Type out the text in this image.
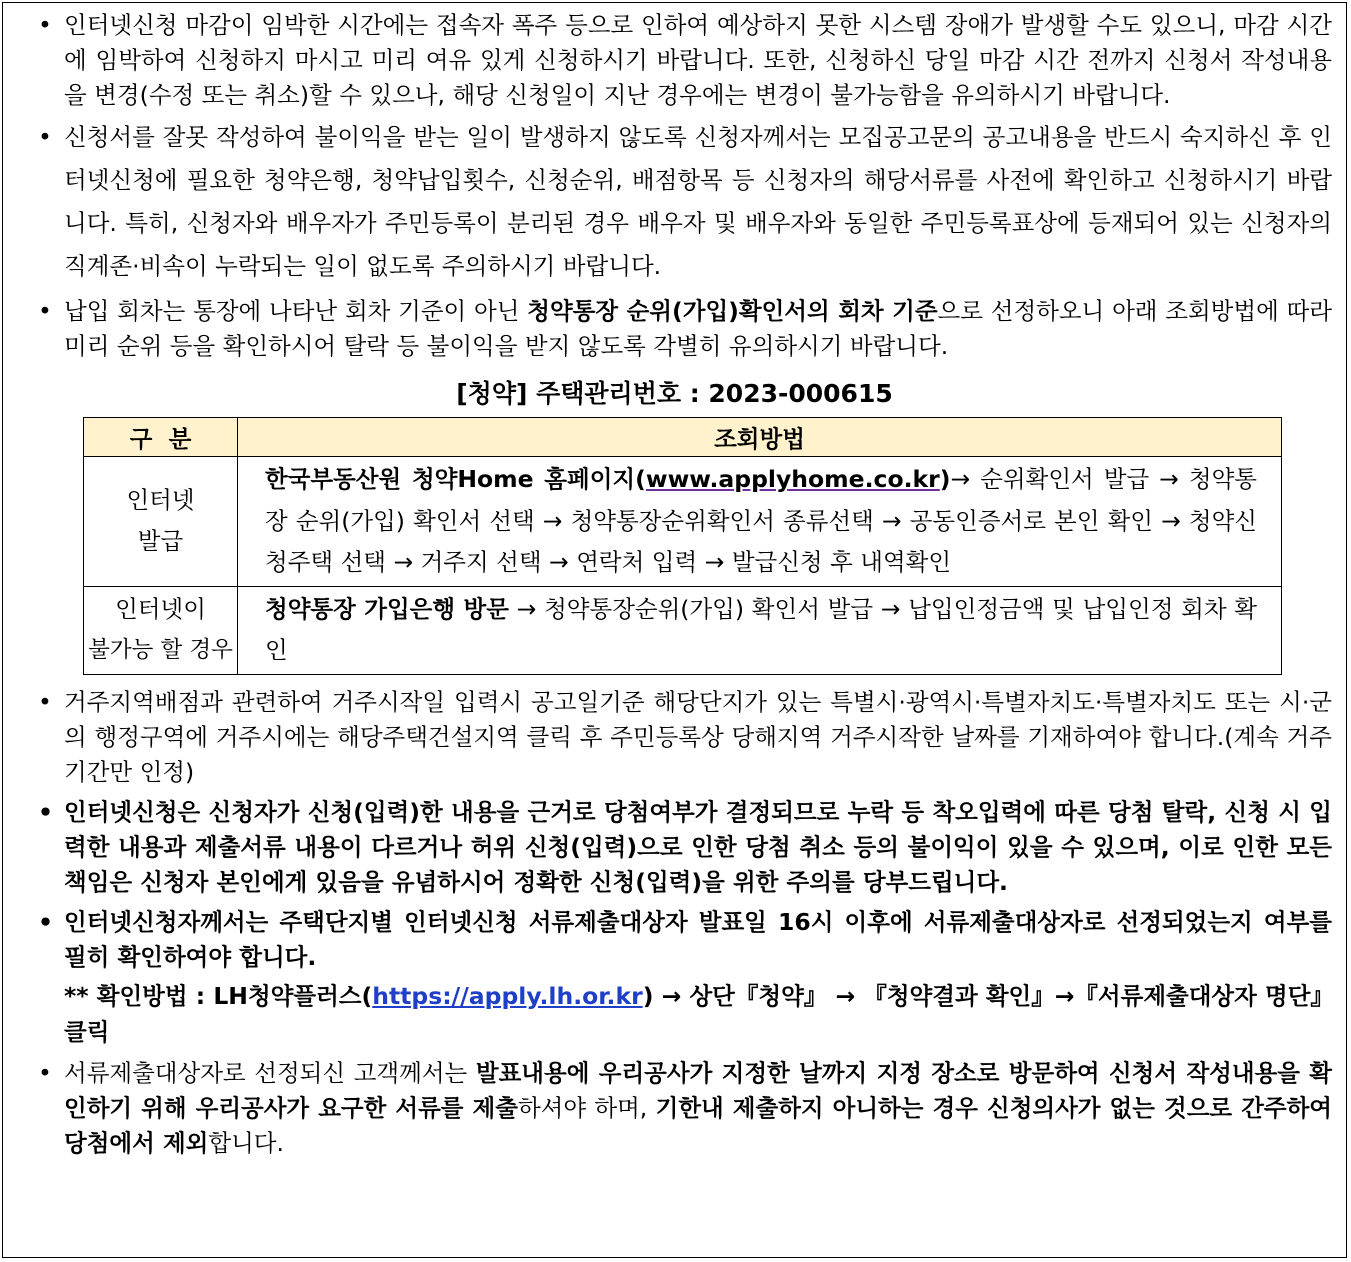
• 인터넷신청 마감이 임박한 시간에는 접속자 폭주 등으로 인하여 예상하지 못한 시스템 장애가 발생할 수도 있으니, 마감 시간에 임박하여 신청하지 마시고 미리 여유 있게 신청하시기 바랍니다. 또한, 신청하신 당일 마감 시간 전까지 신청서 작성내용을 변경(수정 또는 취소)할 수 있으나, 해당 신청일이 지난 경우에는 변경이 불가능함을 유의하시기 바랍니다.
• 신청서를 잘못 작성하여 불이익을 받는 일이 발생하지 않도록 신청자께서는 모집공고문의 공고내용을 반드시 숙지하신 후 인터넷신청에 필요한 청약은행, 청약납입횟수, 신청순위, 배점항목 등 신청자의 해당서류를 사전에 확인하고 신청하시기 바랍니다. 특히, 신청자와 배우자가 주민등록이 분리된 경우 배우자 및 배우자와 동일한 주민등록표상에 등재되어 있는 신청자의 직계존·비속이 누락되는 일이 없도록 주의하시기 바랍니다.
• 납입 회차는 통장에 나타난 회차 기준이 아닌 청약통장 순위(가입)확인서의 회차 기준으로 선정하오니 아래 조회방법에 따라 미리 순위 등을 확인하시어 탈락 등 불이익을 받지 않도록 각별히 유의하시기 바랍니다.
[청약] 주택관리번호 : 2023-000615
구  분	조회방법

인터넷
발급	한국부동산원 청약Home 홈페이지(www.applyhome.co.kr)→ 순위확인서 발급 → 청약통장 순위(가입) 확인서 선택 → 청약통장순위확인서 종류선택 → 공동인증서로 본인 확인 → 청약신청주택 선택 → 거주지 선택 → 연락처 입력 → 발급신청 후 내역확인

인터넷이
불가능 할 경우	청약통장 가입은행 방문 → 청약통장순위(가입) 확인서 발급 → 납입인정금액 및 납입인정 회차 확인
• 거주지역배점과 관련하여 거주시작일 입력시 공고일기준 해당단지가 있는 특별시·광역시·특별자치도·특별자치도 또는 시·군의 행정구역에 거주시에는 해당주택건설지역 클릭 후 주민등록상 당해지역 거주시작한 날짜를 기재하여야 합니다.(계속 거주기간만 인정)
• 인터넷신청은 신청자가 신청(입력)한 내용을 근거로 당첨여부가 결정되므로 누락 등 착오입력에 따른 당첨 탈락, 신청 시 입력한 내용과 제출서류 내용이 다르거나 허위 신청(입력)으로 인한 당첨 취소 등의 불이익이 있을 수 있으며, 이로 인한 모든 책임은 신청자 본인에게 있음을 유념하시어 정확한 신청(입력)을 위한 주의를 당부드립니다.
• 인터넷신청자께서는 주택단지별 인터넷신청 서류제출대상자 발표일 16시 이후에 서류제출대상자로 선정되었는지 여부를 필히 확인하여야 합니다.
** 확인방법 : LH청약플러스(https://apply.lh.or.kr) → 상단『청약』 → 『청약결과 확인』→『서류제출대상자 명단』클릭
• 서류제출대상자로 선정되신 고객께서는 발표내용에 우리공사가 지정한 날까지 지정 장소로 방문하여 신청서 작성내용을 확인하기 위해 우리공사가 요구한 서류를 제출하셔야 하며, 기한내 제출하지 아니하는 경우 신청의사가 없는 것으로 간주하여 당첨에서 제외합니다.
